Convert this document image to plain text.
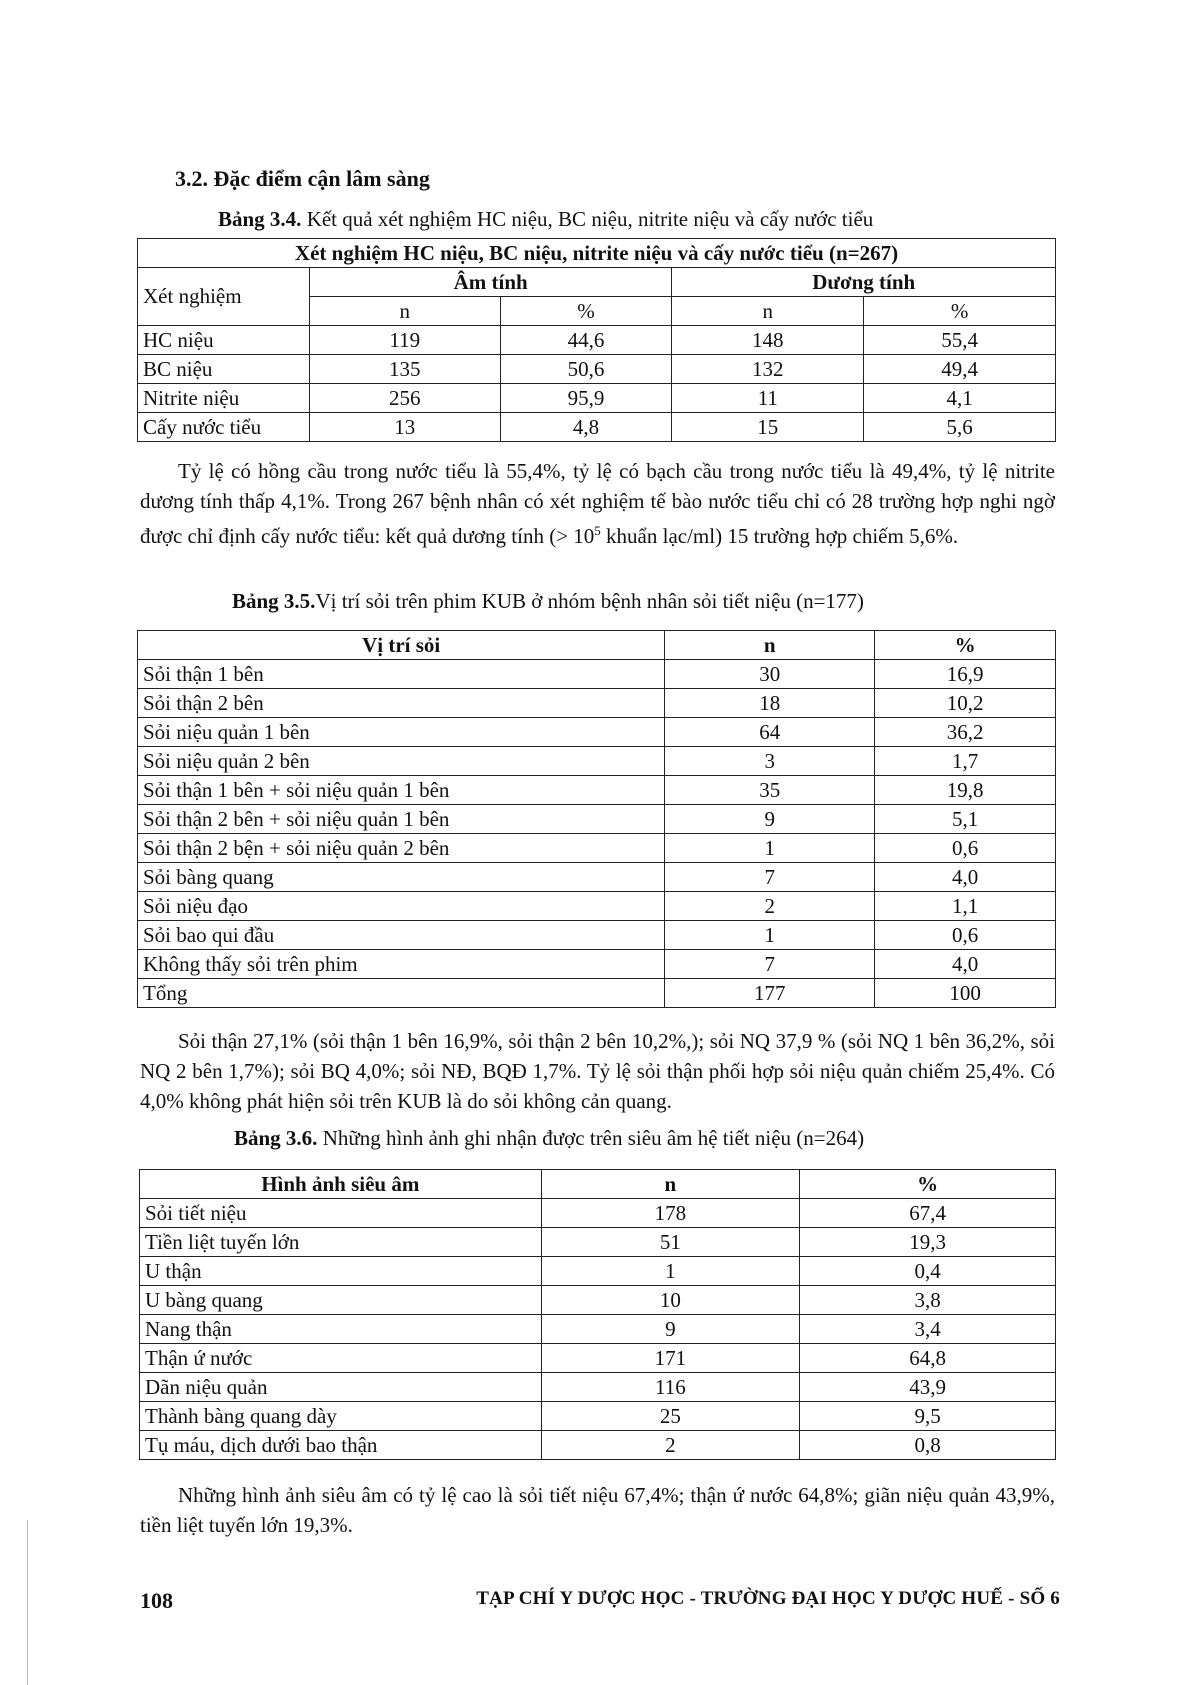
3.2. Đặc điểm cận lâm sàng

Bảng 3.4. Kết quả xét nghiệm HC niệu, BC niệu, nitrite niệu và cấy nước tiểu

Xét nghiệm HC niệu, BC niệu, nitrite niệu và cấy nước tiểu (n=267)				
Xét nghiệm	Âm tính		Dương tính	
	n	%	n	%
HC niệu	119	44,6	148	55,4
BC niệu	135	50,6	132	49,4
Nitrite niệu	256	95,9	11	4,1
Cấy nước tiểu	13	4,8	15	5,6

Tỷ lệ có hồng cầu trong nước tiểu là 55,4%, tỷ lệ có bạch cầu trong nước tiểu là 49,4%, tỷ lệ nitrite dương tính thấp 4,1%. Trong 267 bệnh nhân có xét nghiệm tế bào nước tiểu chỉ có 28 trường hợp nghi ngờ được chỉ định cấy nước tiểu: kết quả dương tính (> $10^5$ khuẩn lạc/ml) 15 trường hợp chiếm 5,6%.

Bảng 3.5.Vị trí sỏi trên phim KUB ở nhóm bệnh nhân sỏi tiết niệu (n=177)

Vị trí sỏi	n	%
Sỏi thận 1 bên	30	16,9
Sỏi thận 2 bên	18	10,2
Sỏi niệu quản 1 bên	64	36,2
Sỏi niệu quản 2 bên	3	1,7
Sỏi thận 1 bên + sỏi niệu quản 1 bên	35	19,8
Sỏi thận 2 bên + sỏi niệu quản 1 bên	9	5,1
Sỏi thận 2 bện + sỏi niệu quản 2 bên	1	0,6
Sỏi bàng quang	7	4,0
Sỏi niệu đạo	2	1,1
Sỏi bao qui đầu	1	0,6
Không thấy sỏi trên phim	7	4,0
Tổng	177	100

Sỏi thận 27,1% (sỏi thận 1 bên 16,9%, sỏi thận 2 bên 10,2%,); sỏi NQ 37,9 % (sỏi NQ 1 bên 36,2%, sỏi NQ 2 bên 1,7%); sỏi BQ 4,0%; sỏi NĐ, BQĐ 1,7%. Tỷ lệ sỏi thận phối hợp sỏi niệu quản chiếm 25,4%. Có 4,0% không phát hiện sỏi trên KUB là do sỏi không cản quang.

Bảng 3.6. Những hình ảnh ghi nhận được trên siêu âm hệ tiết niệu (n=264)

Hình ảnh siêu âm	n	%
Sỏi tiết niệu	178	67,4
Tiền liệt tuyến lớn	51	19,3
U thận	1	0,4
U bàng quang	10	3,8
Nang thận	9	3,4
Thận ứ nước	171	64,8
Dãn niệu quản	116	43,9
Thành bàng quang dày	25	9,5
Tụ máu, dịch dưới bao thận	2	0,8

Những hình ảnh siêu âm có tỷ lệ cao là sỏi tiết niệu 67,4%; thận ứ nước 64,8%; giãn niệu quản 43,9%, tiền liệt tuyến lớn 19,3%.

108	TẠP CHÍ Y DƯỢC HỌC - TRƯỜNG ĐẠI HỌC Y DƯỢC HUẾ - SỐ 6
